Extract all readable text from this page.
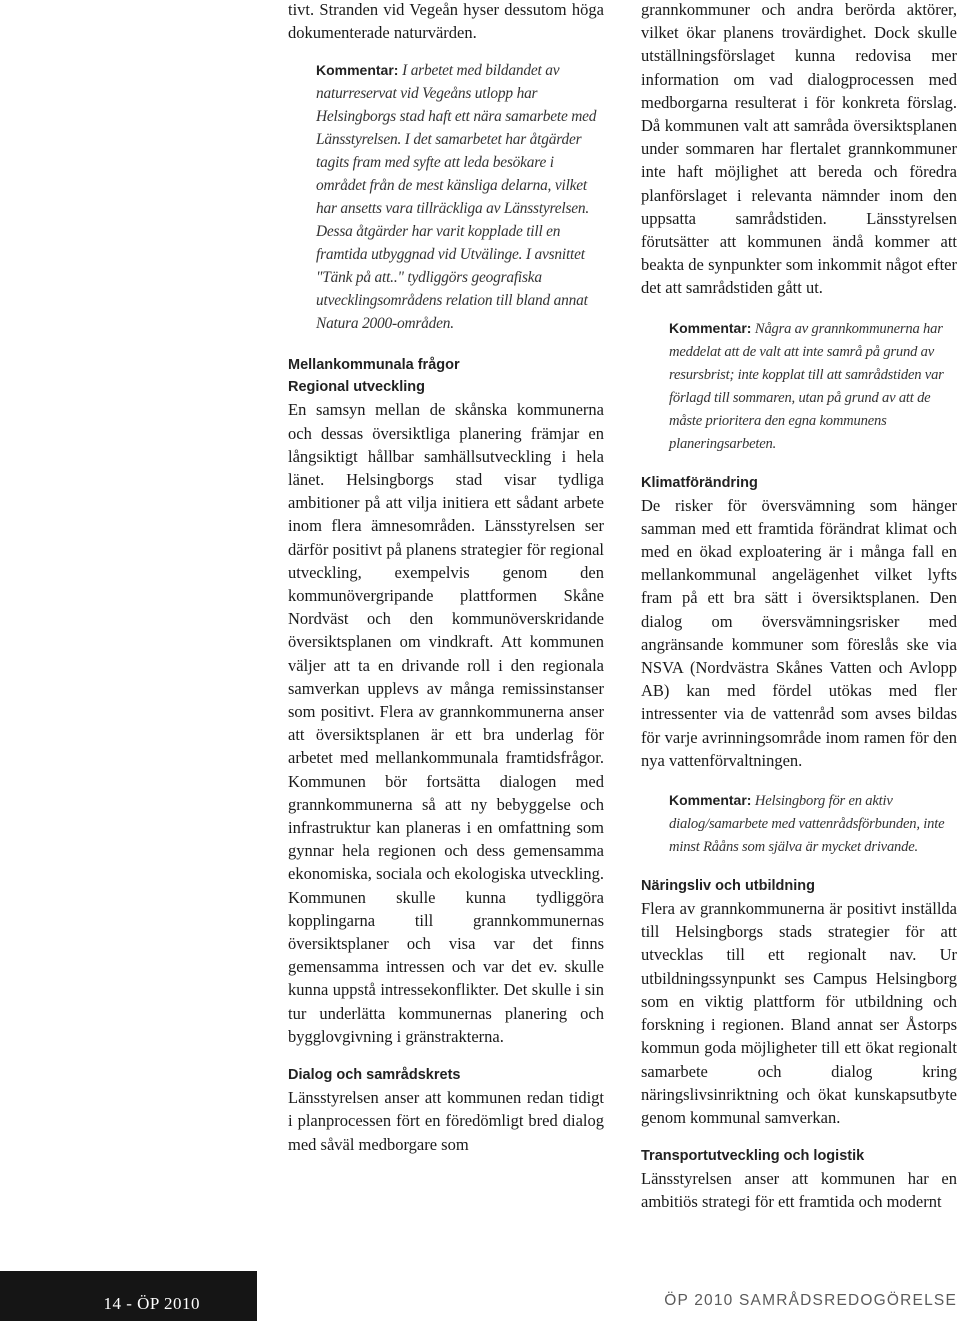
tivt. Stranden vid Vegeån hyser dessutom höga dokumenterade naturvärden.

Kommentar: I arbetet med bildandet av naturreservat vid Vegeåns utlopp har Helsingborgs stad haft ett nära samarbete med Länsstyrelsen. I det samarbetet har åtgärder tagits fram med syfte att leda besökare i området från de mest känsliga delarna, vilket har ansetts vara tillräckliga av Länsstyrelsen. Dessa åtgärder har varit kopplade till en framtida utbyggnad vid Utvälinge. I avsnittet "Tänk på att.." tydliggörs geografiska utvecklingsområdens relation till bland annat Natura 2000-områden.

Mellankommunala frågor

Regional utveckling

En samsyn mellan de skånska kommunerna och dessas översiktliga planering främjar en långsiktigt hållbar samhällsutveckling i hela länet. Helsingborgs stad visar tydliga ambitioner på att vilja initiera ett sådant arbete inom flera ämnesområden. Länsstyrelsen ser därför positivt på planens strategier för regional utveckling, exempelvis genom den kommunövergripande plattformen Skåne Nordväst och den kommunöverskridande översiktsplanen om vindkraft. Att kommunen väljer att ta en drivande roll i den regionala samverkan upplevs av många remissinstanser som positivt. Flera av grannkommunerna anser att översiktsplanen är ett bra underlag för arbetet med mellankommunala framtidsfrågor. Kommunen bör fortsätta dialogen med grannkommunerna så att ny bebyggelse och infrastruktur kan planeras i en omfattning som gynnar hela regionen och dess gemensamma ekonomiska, sociala och ekologiska utveckling. Kommunen skulle kunna tydliggöra kopplingarna till grannkommunernas översiktsplaner och visa var det finns gemensamma intressen och var det ev. skulle kunna uppstå intressekonflikter. Det skulle i sin tur underlätta kommunernas planering och bygglovgivning i gränstrakterna.

Dialog och samrådskrets

Länsstyrelsen anser att kommunen redan tidigt i planprocessen fört en föredömligt bred dialog med såväl medborgare som

grannkommuner och andra berörda aktörer, vilket ökar planens trovärdighet. Dock skulle utställningsförslaget kunna redovisa mer information om vad dialogprocessen med medborgarna resulterat i för konkreta förslag. Då kommunen valt att samråda översiktsplanen under sommaren har flertalet grannkommuner inte haft möjlighet att bereda och föredra planförslaget i relevanta nämnder inom den uppsatta samrådstiden. Länsstyrelsen förutsätter att kommunen ändå kommer att beakta de synpunkter som inkommit något efter det att samrådstiden gått ut.

Kommentar: Några av grannkommunerna har meddelat att de valt att inte samrå på grund av resursbrist; inte kopplat till att samrådstiden var förlagd till sommaren, utan på grund av att de måste prioritera den egna kommunens planeringsarbeten.

Klimatförändring

De risker för översvämning som hänger samman med ett framtida förändrat klimat och med en ökad exploatering är i många fall en mellankommunal angelägenhet vilket lyfts fram på ett bra sätt i översiktsplanen. Den dialog om översvämningsrisker med angränsande kommuner som föreslås ske via NSVA (Nordvästra Skånes Vatten och Avlopp AB) kan med fördel utökas med fler intressenter via de vattenråd som avses bildas för varje avrinningsområde inom ramen för den nya vattenförvaltningen.

Kommentar: Helsingborg för en aktiv dialog/samarbete med vattenrådsförbunden, inte minst Rååns som själva är mycket drivande.

Näringsliv och utbildning

Flera av grannkommunerna är positivt inställda till Helsingborgs stads strategier för att utvecklas till ett regionalt nav. Ur utbildningssynpunkt ses Campus Helsingborg som en viktig plattform för utbildning och forskning i regionen. Bland annat ser Åstorps kommun goda möjligheter till ett ökat regionalt samarbete och dialog kring näringslivsinriktning och ökat kunskapsutbyte genom kommunal samverkan.

Transportutveckling och logistik

Länsstyrelsen anser att kommunen har en ambitiös strategi för ett framtida och modernt

14 - ÖP 2010	ÖP 2010 SAMRÅDSREDOGÖRELSE
